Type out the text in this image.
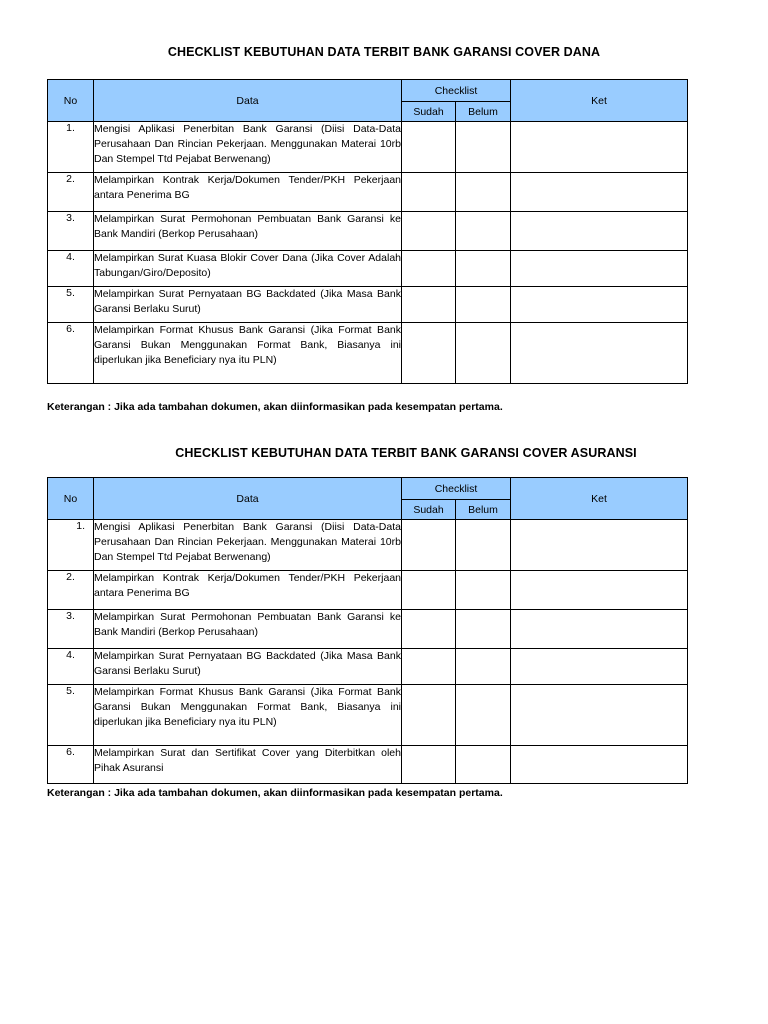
CHECKLIST KEBUTUHAN DATA TERBIT BANK GARANSI COVER DANA
No	Data	Checklist		Ket
		Sudah	Belum	
1.	Mengisi Aplikasi Penerbitan Bank Garansi (Diisi Data-Data Perusahaan Dan Rincian Pekerjaan. Menggunakan Materai 10rb Dan Stempel Ttd Pejabat Berwenang)			
2.	Melampirkan Kontrak Kerja/Dokumen Tender/PKH Pekerjaan antara Penerima BG			
3.	Melampirkan Surat Permohonan Pembuatan Bank Garansi ke Bank Mandiri (Berkop Perusahaan)			
4.	Melampirkan Surat Kuasa Blokir Cover Dana (Jika Cover Adalah Tabungan/Giro/Deposito)			
5.	Melampirkan Surat Pernyataan BG Backdated (Jika Masa Bank Garansi Berlaku Surut)			
6.	Melampirkan Format Khusus Bank Garansi (Jika Format Bank Garansi Bukan Menggunakan Format Bank, Biasanya ini diperlukan jika Beneficiary nya itu PLN)			
Keterangan : Jika ada tambahan dokumen, akan diinformasikan pada kesempatan pertama.
CHECKLIST KEBUTUHAN DATA TERBIT BANK GARANSI COVER ASURANSI
No	Data	Checklist		Ket
		Sudah	Belum	
1.	Mengisi Aplikasi Penerbitan Bank Garansi (Diisi Data-Data Perusahaan Dan Rincian Pekerjaan. Menggunakan Materai 10rb Dan Stempel Ttd Pejabat Berwenang)			
2.	Melampirkan Kontrak Kerja/Dokumen Tender/PKH Pekerjaan antara Penerima BG			
3.	Melampirkan Surat Permohonan Pembuatan Bank Garansi ke Bank Mandiri (Berkop Perusahaan)			
4.	Melampirkan Surat Pernyataan BG Backdated (Jika Masa Bank Garansi Berlaku Surut)			
5.	Melampirkan Format Khusus Bank Garansi (Jika Format Bank Garansi Bukan Menggunakan Format Bank, Biasanya ini diperlukan jika Beneficiary nya itu PLN)			
6.	Melampirkan Surat dan Sertifikat Cover yang Diterbitkan oleh Pihak Asuransi			
Keterangan : Jika ada tambahan dokumen, akan diinformasikan pada kesempatan pertama.
